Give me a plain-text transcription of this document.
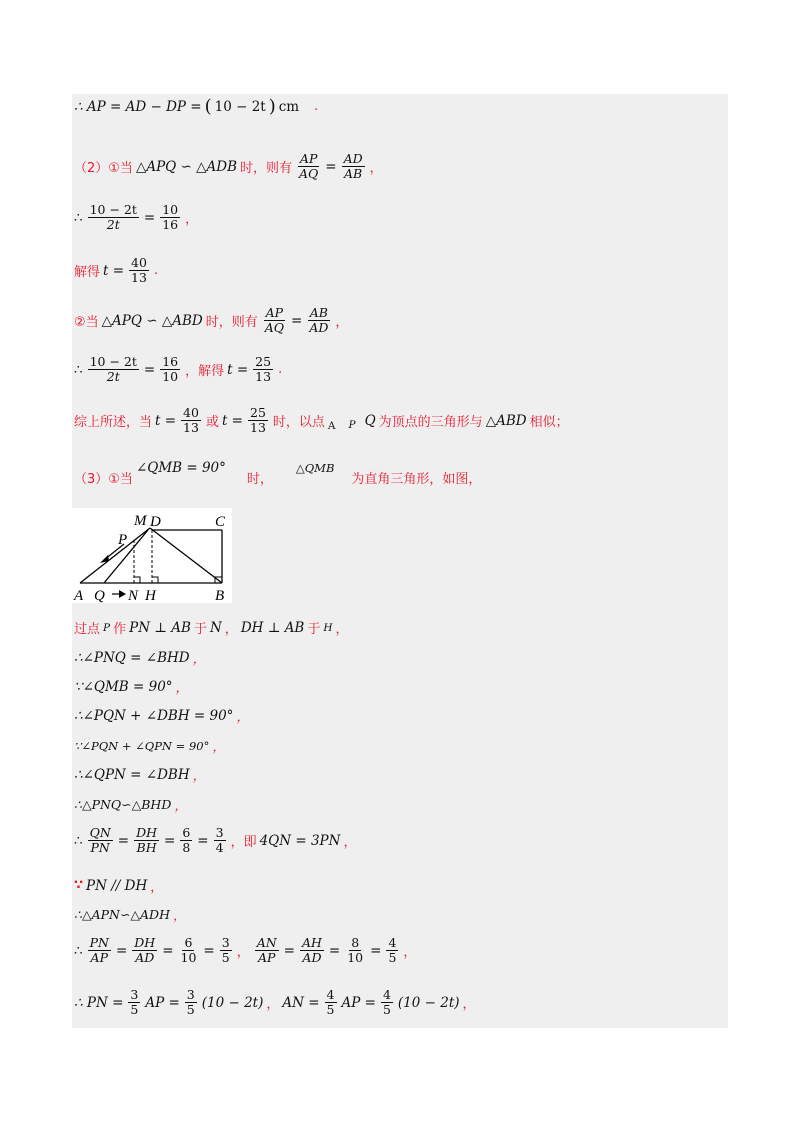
∴ AP = AD − DP = ( 10 − 2t ) cm .
（2）①当 △APQ ∽ △ADB 时，则有 $\frac{AP}{AQ} = \frac{AD}{AB}$ ，
∴ $\frac{10 - 2t}{2t} = \frac{10}{16}$ ，
解得 $t = \frac{40}{13}$ .
②当 △APQ ∽ △ABD 时，则有 $\frac{AP}{AQ} = \frac{AB}{AD}$ ，
∴ $\frac{10 - 2t}{2t} = \frac{16}{10}$ ，解得 $t = \frac{25}{13}$ .
综上所述，当 $t = \frac{40}{13}$ 或 $t = \frac{25}{13}$ 时，以点 A P Q 为顶点的三角形与 △ABD 相似；
（3）①当
∠QMB = 90°
时，
△QMB
为直角三角形，如图，
M D	C
P
A Q N H	B
过点 P 作 PN ⊥ AB 于 N ， DH ⊥ AB 于 H ，
∴∠PNQ = ∠BHD ，
∵∠QMB = 90° ，
∴∠PQN + ∠DBH = 90° ，
∵∠PQN + ∠QPN = 90° ，
∴∠QPN = ∠DBH ，
∴△PNQ∽△BHD ，
∴ $\frac{QN}{PN} = \frac{DH}{BH} = \frac{6}{8} = \frac{3}{4}$ ，即 4QN = 3PN ，
∵ PN // DH ，
∴△APN∽△ADH ，
∴ $\frac{PN}{AP} = \frac{DH}{AD} = \frac{6}{10} = \frac{3}{5}$ ， $\frac{AN}{AP} = \frac{AH}{AD} = \frac{8}{10} = \frac{4}{5}$ ，
∴ PN = $\frac{3}{5}$ AP = $\frac{3}{5} (10 - 2t)$ ， AN = $\frac{4}{5}$ AP = $\frac{4}{5} (10 - 2t)$ ，
